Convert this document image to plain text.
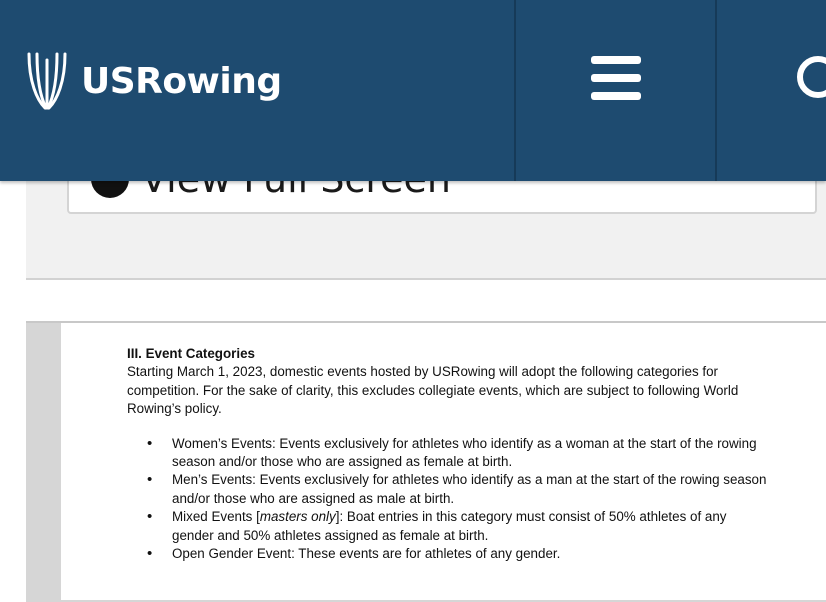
USRowing
III. Event Categories
Starting March 1, 2023, domestic events hosted by USRowing will adopt the following categories for competition. For the sake of clarity, this excludes collegiate events, which are subject to following World Rowing’s policy.
• Women’s Events: Events exclusively for athletes who identify as a woman at the start of the rowing season and/or those who are assigned as female at birth.
• Men’s Events: Events exclusively for athletes who identify as a man at the start of the rowing season and/or those who are assigned as male at birth.
• Mixed Events [masters only]: Boat entries in this category must consist of 50% athletes of any gender and 50% athletes assigned as female at birth.
• Open Gender Event: These events are for athletes of any gender.
